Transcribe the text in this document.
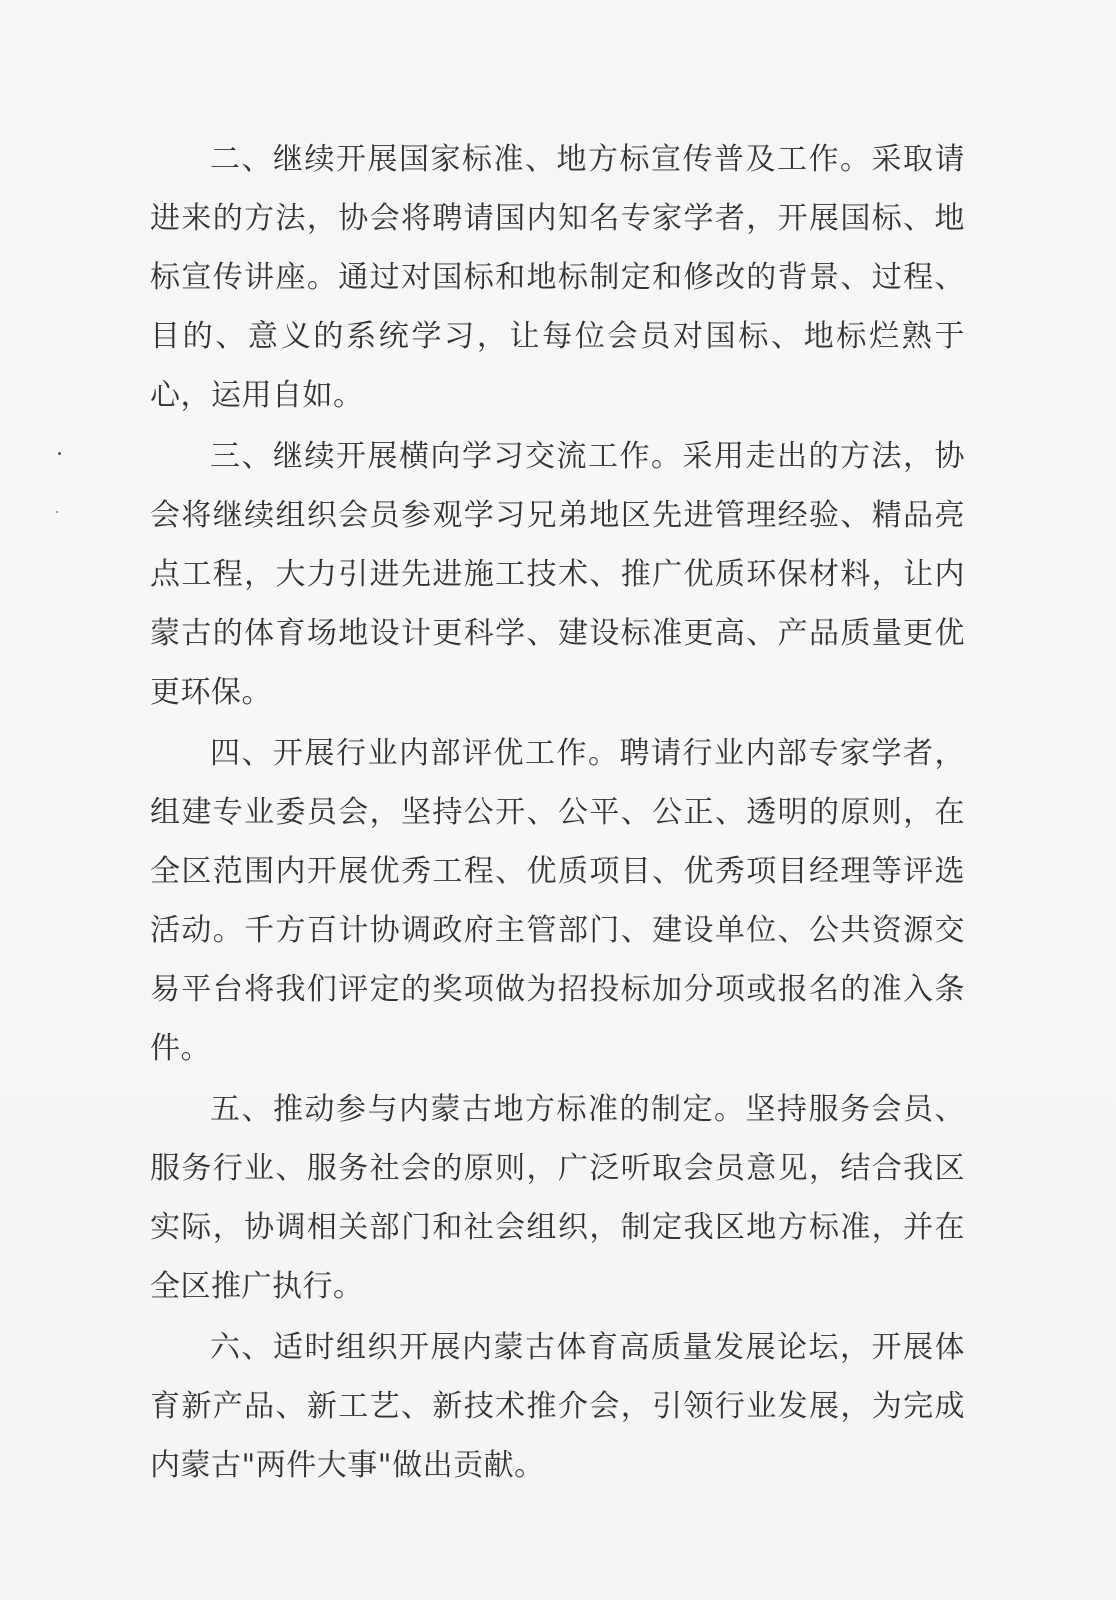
二、继续开展国家标准、地方标宣传普及工作。采取请进来的方法，协会将聘请国内知名专家学者，开展国标、地标宣传讲座。通过对国标和地标制定和修改的背景、过程、目的、意义的系统学习，让每位会员对国标、地标烂熟于心，运用自如。

三、继续开展横向学习交流工作。采用走出的方法，协会将继续组织会员参观学习兄弟地区先进管理经验、精品亮点工程，大力引进先进施工技术、推广优质环保材料，让内蒙古的体育场地设计更科学、建设标准更高、产品质量更优更环保。

四、开展行业内部评优工作。聘请行业内部专家学者，组建专业委员会，坚持公开、公平、公正、透明的原则，在全区范围内开展优秀工程、优质项目、优秀项目经理等评选活动。千方百计协调政府主管部门、建设单位、公共资源交易平台将我们评定的奖项做为招投标加分项或报名的准入条件。

五、推动参与内蒙古地方标准的制定。坚持服务会员、服务行业、服务社会的原则，广泛听取会员意见，结合我区实际，协调相关部门和社会组织，制定我区地方标准，并在全区推广执行。

六、适时组织开展内蒙古体育高质量发展论坛，开展体育新产品、新工艺、新技术推介会，引领行业发展，为完成内蒙古"两件大事"做出贡献。
